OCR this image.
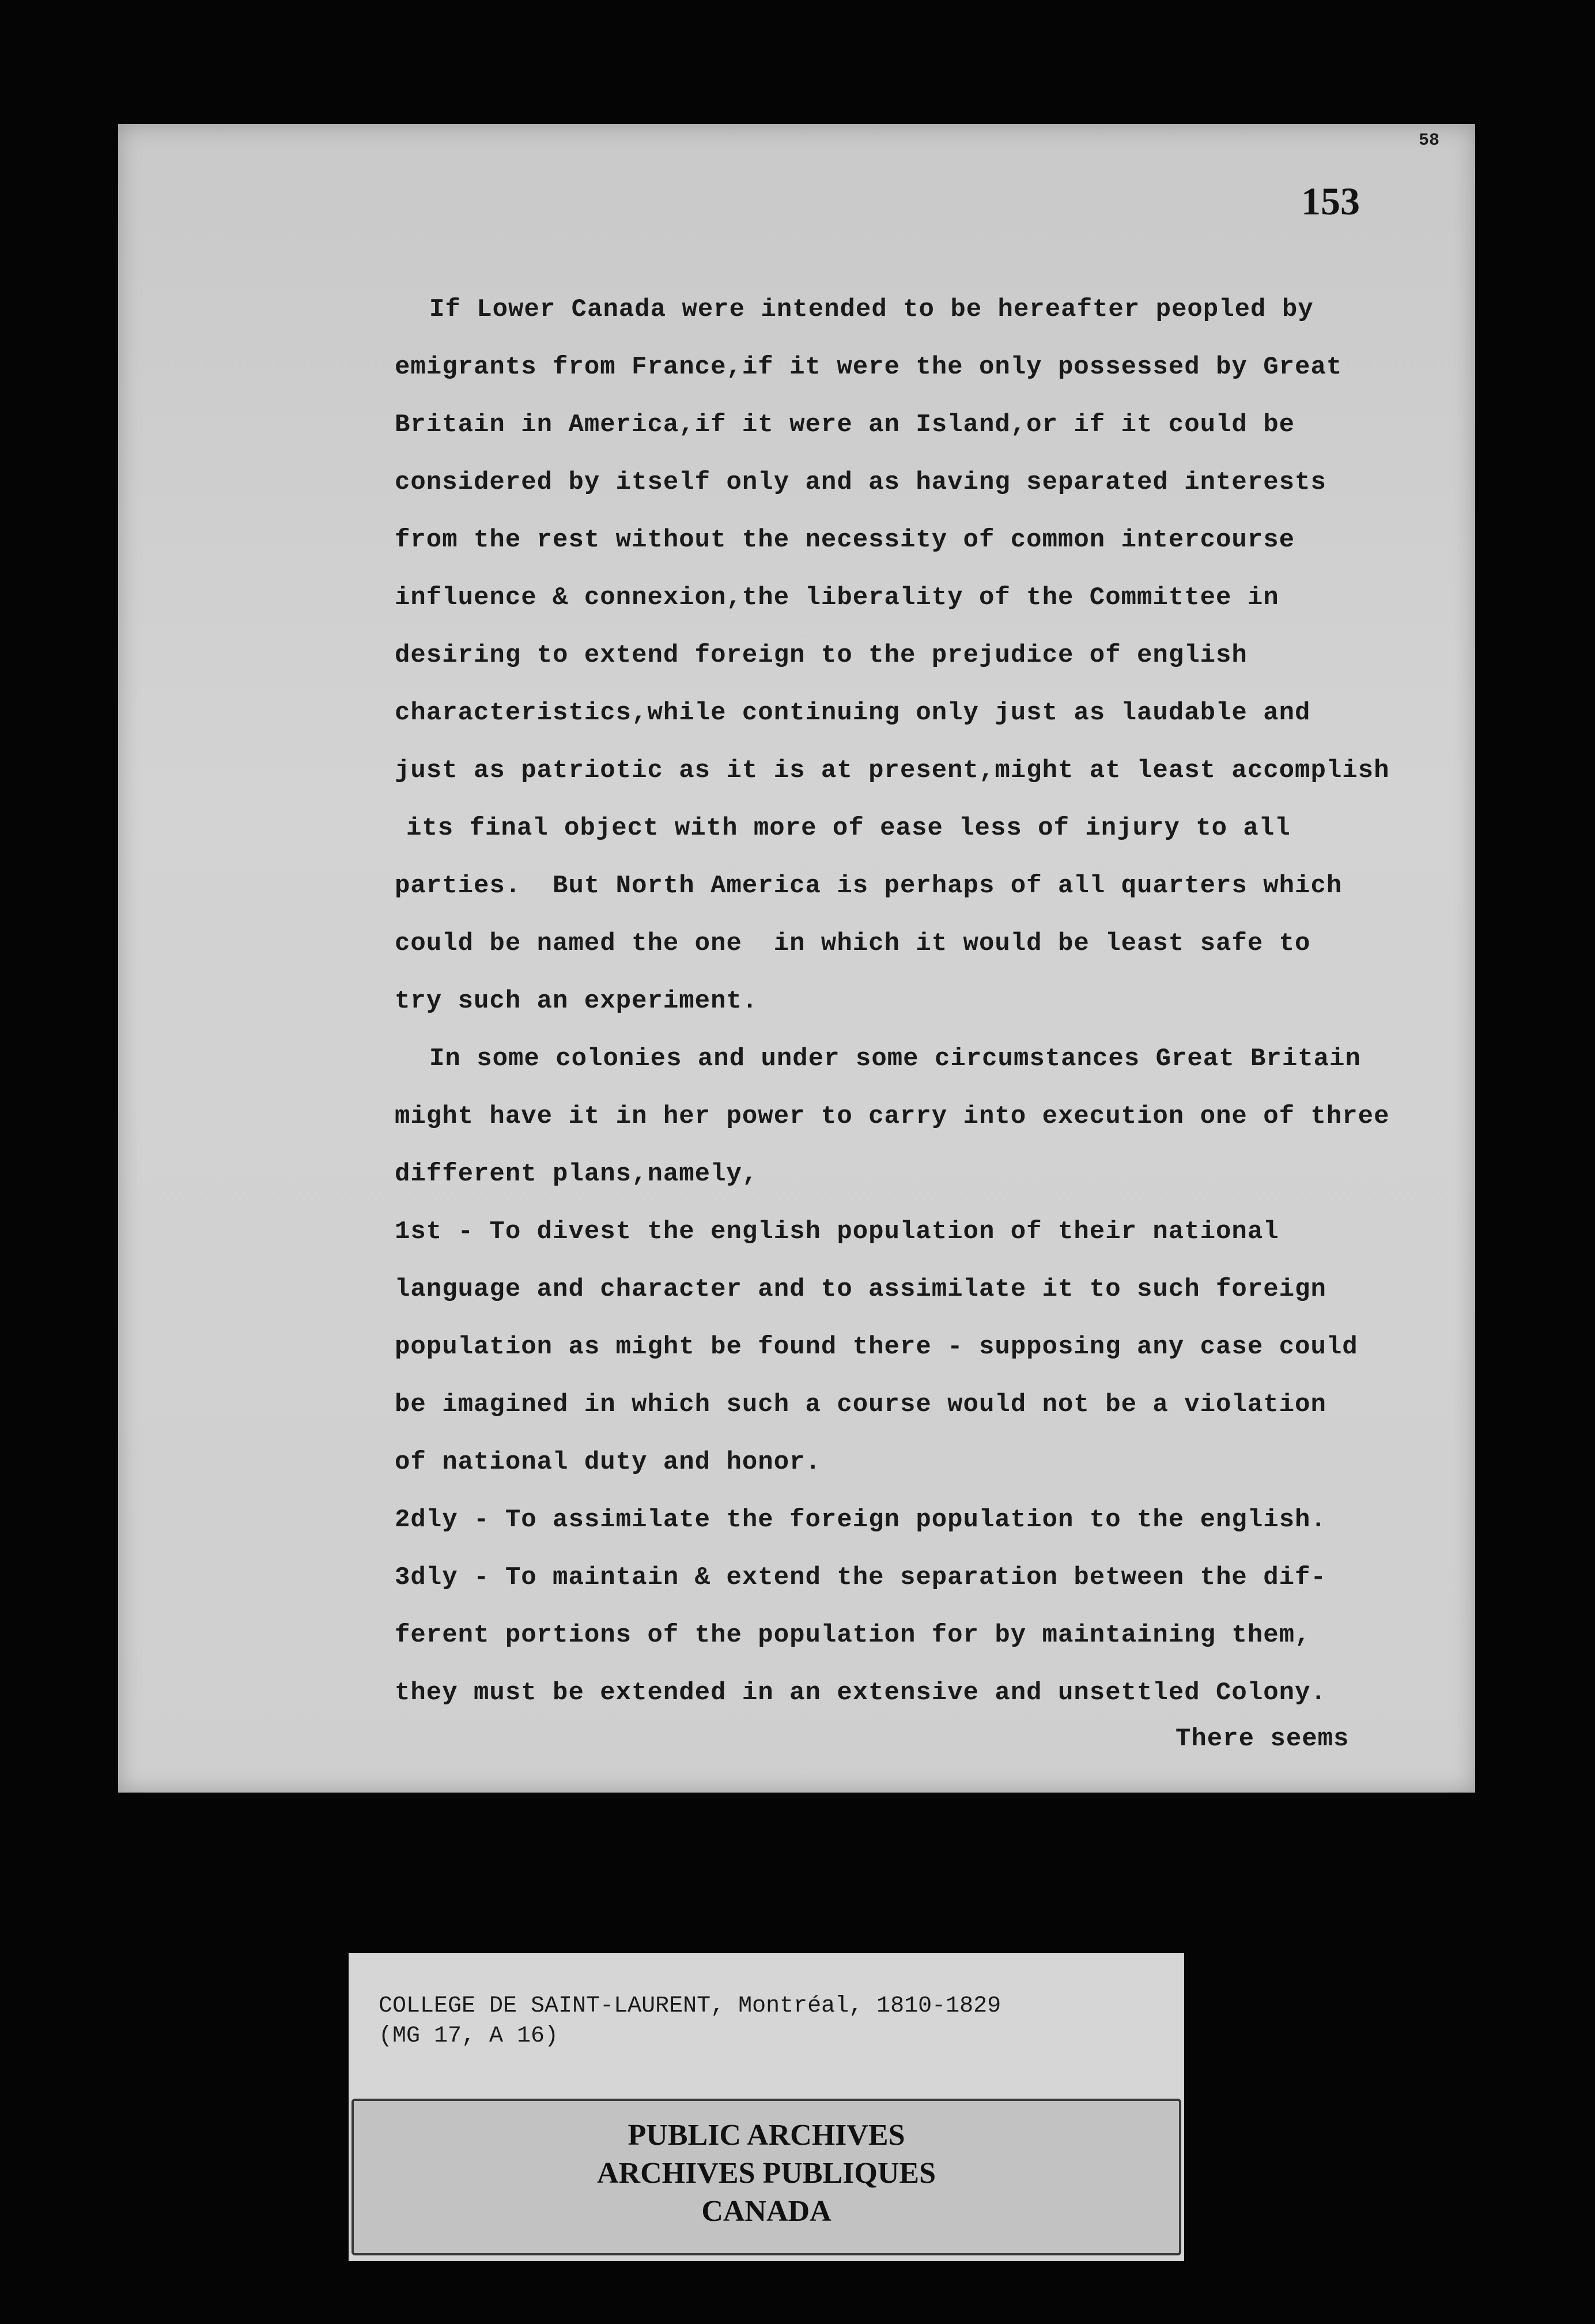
58
153

If Lower Canada were intended to be hereafter peopled by

emigrants from France,if it were the only possessed by Great

Britain in America,if it were an Island,or if it could be

considered by itself only and as having separated interests

from the rest without the necessity of common intercourse

influence & connexion,the liberality of the Committee in

desiring to extend foreign to the prejudice of english

characteristics,while continuing only just as laudable and

just as patriotic as it is at present,might at least accomplish

its final object with more of ease less of injury to all

parties.  But North America is perhaps of all quarters which

could be named the one  in which it would be least safe to

try such an experiment.

In some colonies and under some circumstances Great Britain

might have it in her power to carry into execution one of three

different plans,namely,

1st - To divest the english population of their national

language and character and to assimilate it to such foreign

population as might be found there - supposing any case could

be imagined in which such a course would not be a violation

of national duty and honor.

2dly - To assimilate the foreign population to the english.

3dly - To maintain & extend the separation between the dif-

ferent portions of the population for by maintaining them,

they must be extended in an extensive and unsettled Colony.

There seems

COLLEGE DE SAINT-LAURENT, Montréal, 1810-1829

(MG 17, A 16)

PUBLIC ARCHIVES

ARCHIVES PUBLIQUES

CANADA
